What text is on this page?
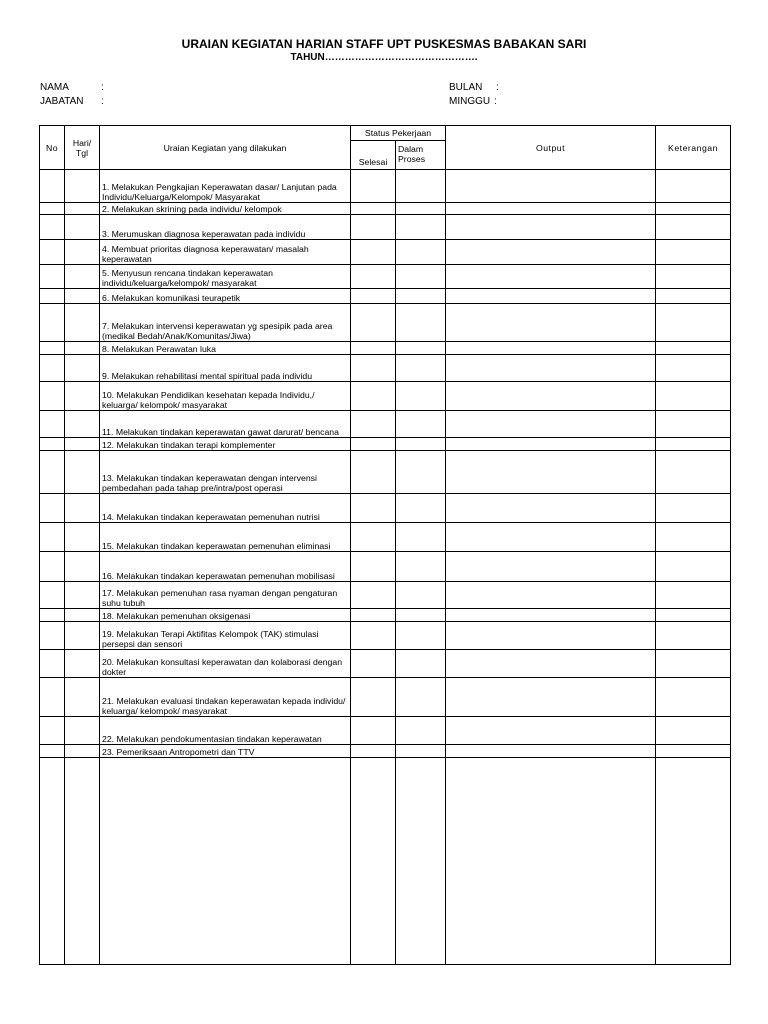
URAIAN KEGIATAN HARIAN STAFF UPT PUSKESMAS BABAKAN SARI
TAHUN……………………………………….
NAMA	:
JABATAN :
BULAN :
MINGGU :
No	Hari/ Tgl	Uraian Kegiatan yang dilakukan	Status Pekerjaan		Output	Keterangan
			Selesai	Dalam Proses		
		1. Melakukan Pengkajian Keperawatan dasar/ Lanjutan pada Individu/Keluarga/Kelompok/ Masyarakat				
		2. Melakukan skrining pada individu/ kelompok				
		3. Merumuskan diagnosa keperawatan pada individu				
		4. Membuat prioritas diagnosa keperawatan/ masalah keperawatan				
		5. Menyusun rencana tindakan keperawatan individu/keluarga/kelompok/ masyarakat				
		6. Melakukan komunikasi teurapetik				
		7. Melakukan intervensi keperawatan yg spesipik pada area (medikal Bedah/Anak/Komunitas/Jiwa)				
		8. Melakukan Perawatan luka				
		9. Melakukan rehabilitasi mental spiritual pada individu				
		10. Melakukan Pendidikan kesehatan kepada Individu,/ keluarga/ kelompok/ masyarakat				
		11. Melakukan tindakan keperawatan gawat darurat/ bencana				
		12. Melakukan tindakan terapi komplementer				
		13. Melakukan tindakan keperawatan dengan intervensi pembedahan pada tahap pre/intra/post operasi				
		14. Melakukan tindakan keperawatan pemenuhan nutrisi				
		15. Melakukan tindakan keperawatan pemenuhan eliminasi				
		16. Melakukan tindakan keperawatan pemenuhan mobilisasi				
		17. Melakukan pemenuhan rasa nyaman dengan pengaturan suhu tubuh				
		18. Melakukan pemenuhan oksigenasi				
		19. Melakukan Terapi Aktifitas Kelompok (TAK) stimulasi persepsi dan sensori				
		20. Melakukan konsultasi keperawatan dan kolaborasi dengan dokter				
		21. Melakukan evaluasi tindakan keperawatan kepada individu/ keluarga/ kelompok/ masyarakat				
		22. Melakukan pendokumentasian tindakan keperawatan				
		23. Pemeriksaan Antropometri dan TTV				
